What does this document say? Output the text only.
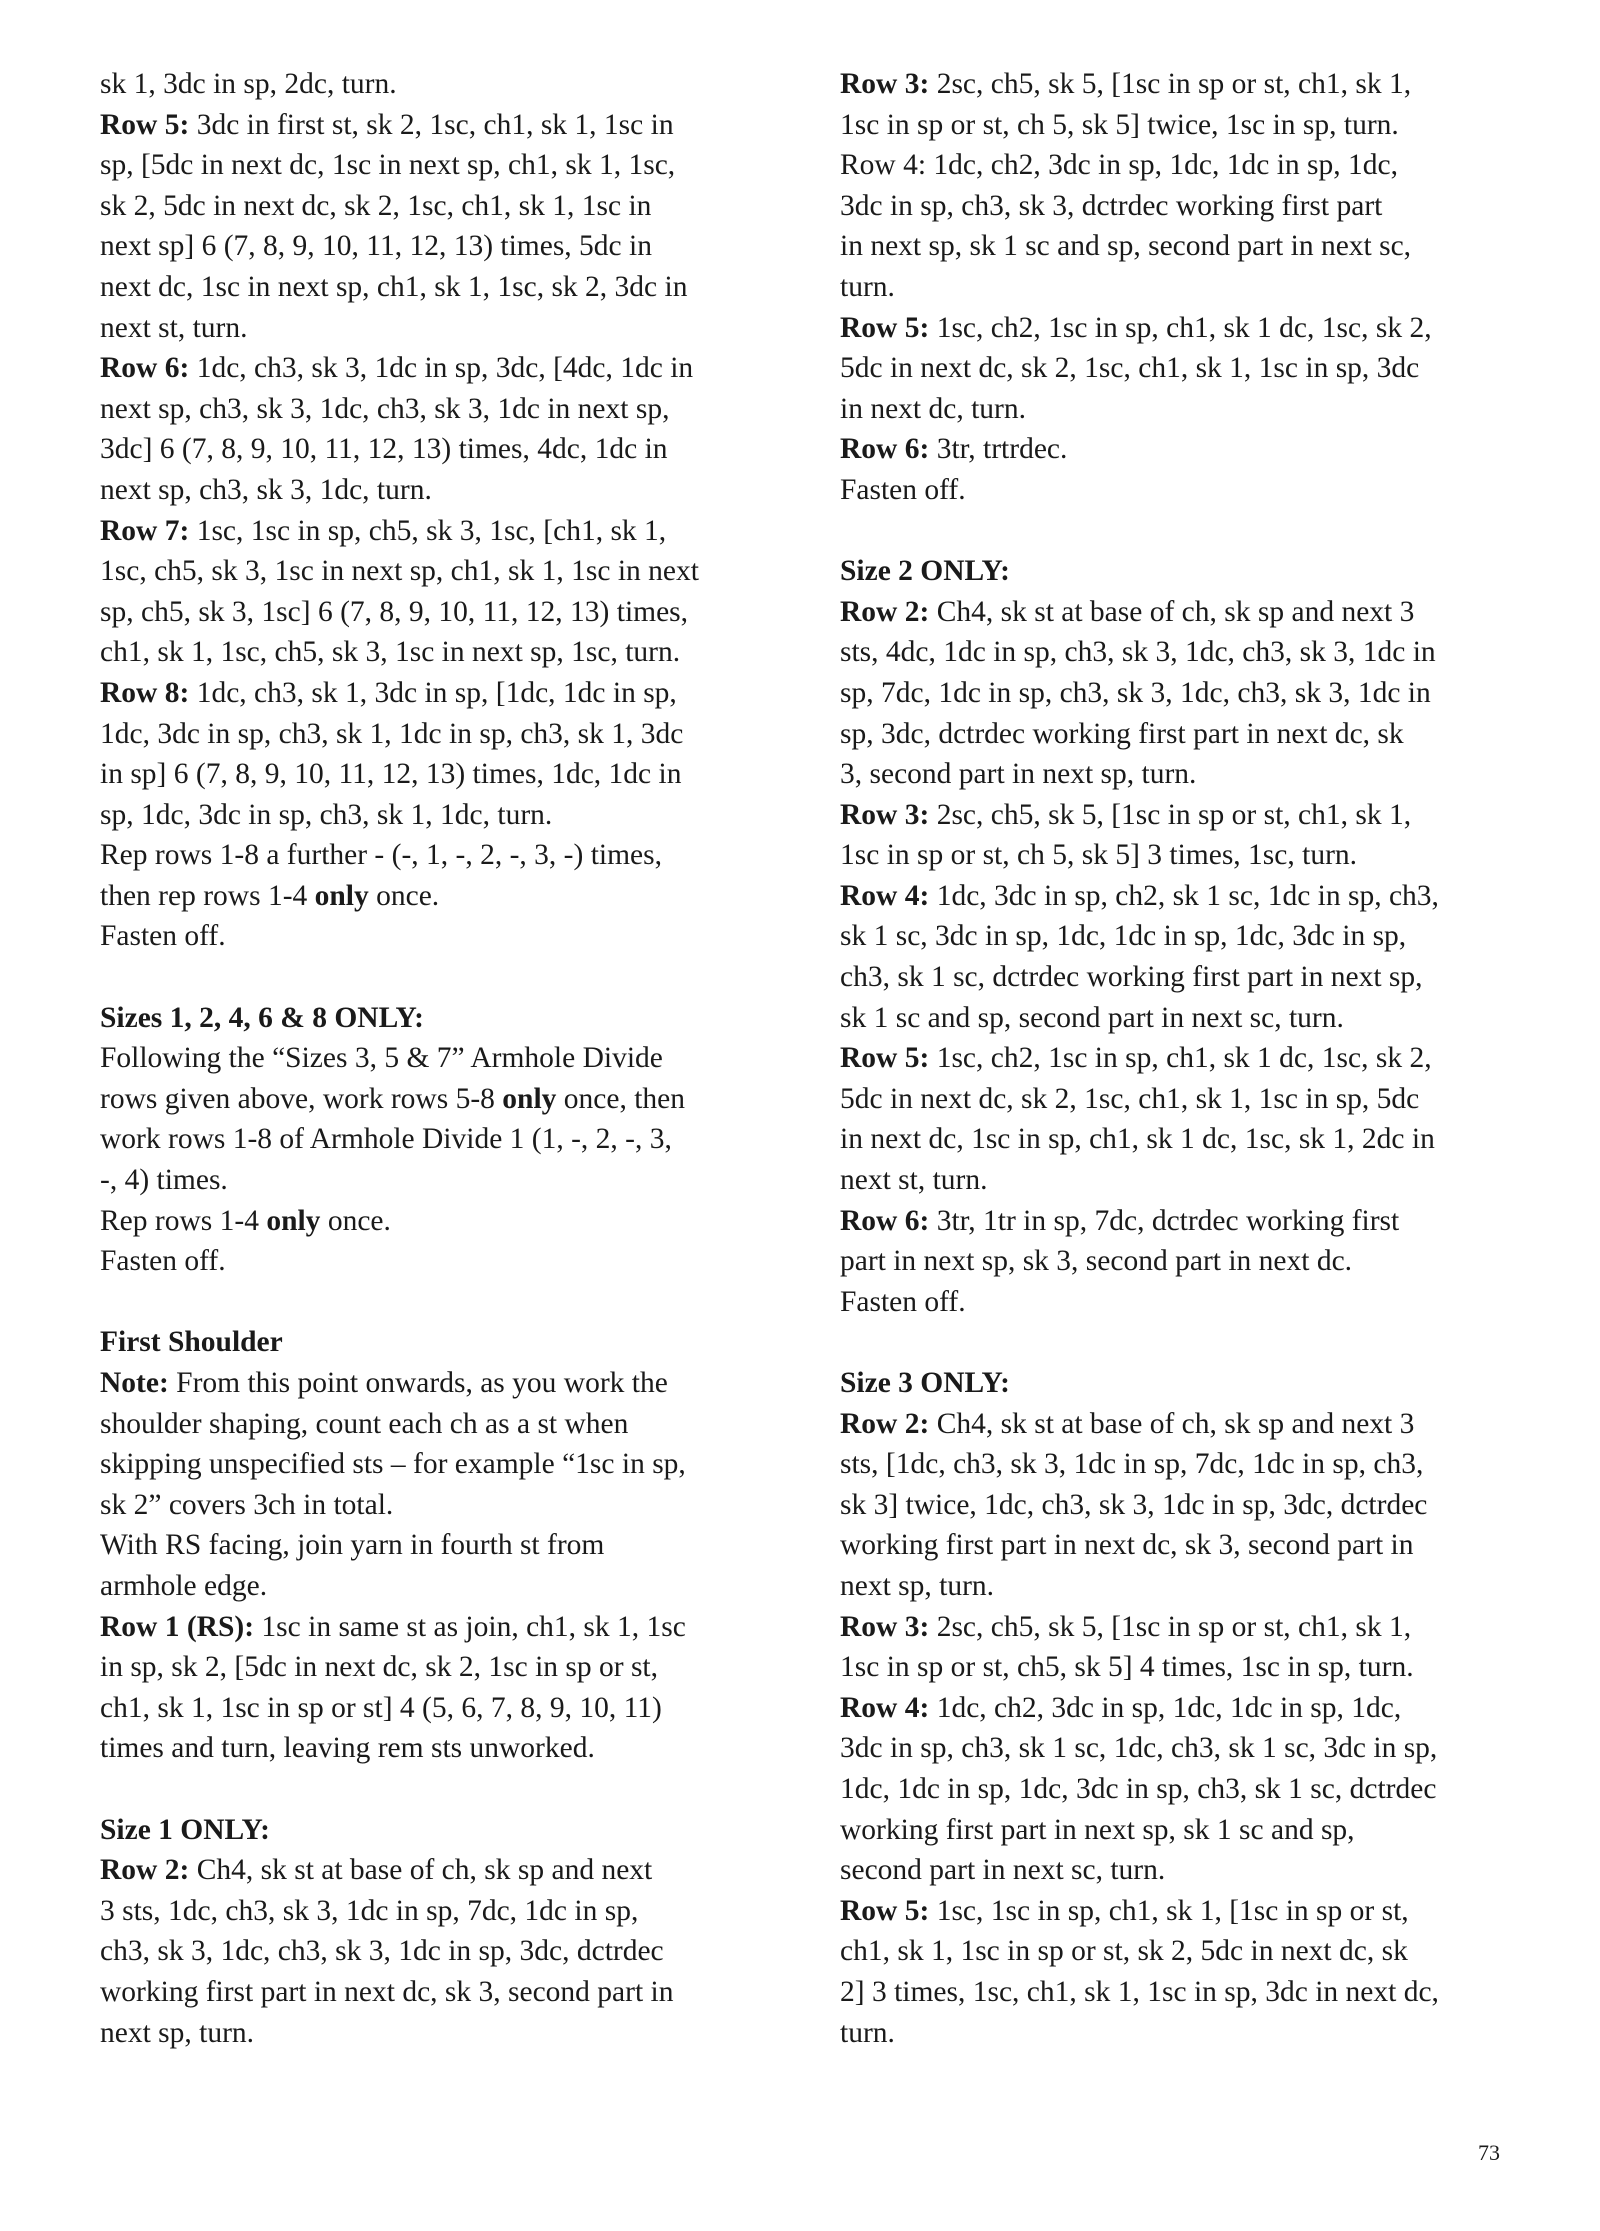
sk 1, 3dc in sp, 2dc, turn.
Row 5: 3dc in first st, sk 2, 1sc, ch1, sk 1, 1sc in
sp, [5dc in next dc, 1sc in next sp, ch1, sk 1, 1sc,
sk 2, 5dc in next dc, sk 2, 1sc, ch1, sk 1, 1sc in
next sp] 6 (7, 8, 9, 10, 11, 12, 13) times, 5dc in
next dc, 1sc in next sp, ch1, sk 1, 1sc, sk 2, 3dc in
next st, turn.
Row 6: 1dc, ch3, sk 3, 1dc in sp, 3dc, [4dc, 1dc in
next sp, ch3, sk 3, 1dc, ch3, sk 3, 1dc in next sp,
3dc] 6 (7, 8, 9, 10, 11, 12, 13) times, 4dc, 1dc in
next sp, ch3, sk 3, 1dc, turn.
Row 7: 1sc, 1sc in sp, ch5, sk 3, 1sc, [ch1, sk 1,
1sc, ch5, sk 3, 1sc in next sp, ch1, sk 1, 1sc in next
sp, ch5, sk 3, 1sc] 6 (7, 8, 9, 10, 11, 12, 13) times,
ch1, sk 1, 1sc, ch5, sk 3, 1sc in next sp, 1sc, turn.
Row 8: 1dc, ch3, sk 1, 3dc in sp, [1dc, 1dc in sp,
1dc, 3dc in sp, ch3, sk 1, 1dc in sp, ch3, sk 1, 3dc
in sp] 6 (7, 8, 9, 10, 11, 12, 13) times, 1dc, 1dc in
sp, 1dc, 3dc in sp, ch3, sk 1, 1dc, turn.
Rep rows 1-8 a further - (-, 1, -, 2, -, 3, -) times,
then rep rows 1-4 only once.
Fasten off.
Sizes 1, 2, 4, 6 & 8 ONLY:
Following the “Sizes 3, 5 & 7” Armhole Divide
rows given above, work rows 5-8 only once, then
work rows 1-8 of Armhole Divide 1 (1, -, 2, -, 3,
-, 4) times.
Rep rows 1-4 only once.
Fasten off.
First Shoulder
Note: From this point onwards, as you work the
shoulder shaping, count each ch as a st when
skipping unspecified sts – for example “1sc in sp,
sk 2” covers 3ch in total.
With RS facing, join yarn in fourth st from
armhole edge.
Row 1 (RS): 1sc in same st as join, ch1, sk 1, 1sc
in sp, sk 2, [5dc in next dc, sk 2, 1sc in sp or st,
ch1, sk 1, 1sc in sp or st] 4 (5, 6, 7, 8, 9, 10, 11)
times and turn, leaving rem sts unworked.
Size 1 ONLY:
Row 2: Ch4, sk st at base of ch, sk sp and next
3 sts, 1dc, ch3, sk 3, 1dc in sp, 7dc, 1dc in sp,
ch3, sk 3, 1dc, ch3, sk 3, 1dc in sp, 3dc, dctrdec
working first part in next dc, sk 3, second part in
next sp, turn.
Row 3: 2sc, ch5, sk 5, [1sc in sp or st, ch1, sk 1,
1sc in sp or st, ch 5, sk 5] twice, 1sc in sp, turn.
Row 4: 1dc, ch2, 3dc in sp, 1dc, 1dc in sp, 1dc,
3dc in sp, ch3, sk 3, dctrdec working first part
in next sp, sk 1 sc and sp, second part in next sc,
turn.
Row 5: 1sc, ch2, 1sc in sp, ch1, sk 1 dc, 1sc, sk 2,
5dc in next dc, sk 2, 1sc, ch1, sk 1, 1sc in sp, 3dc
in next dc, turn.
Row 6: 3tr, trtrdec.
Fasten off.
Size 2 ONLY:
Row 2: Ch4, sk st at base of ch, sk sp and next 3
sts, 4dc, 1dc in sp, ch3, sk 3, 1dc, ch3, sk 3, 1dc in
sp, 7dc, 1dc in sp, ch3, sk 3, 1dc, ch3, sk 3, 1dc in
sp, 3dc, dctrdec working first part in next dc, sk
3, second part in next sp, turn.
Row 3: 2sc, ch5, sk 5, [1sc in sp or st, ch1, sk 1,
1sc in sp or st, ch 5, sk 5] 3 times, 1sc, turn.
Row 4: 1dc, 3dc in sp, ch2, sk 1 sc, 1dc in sp, ch3,
sk 1 sc, 3dc in sp, 1dc, 1dc in sp, 1dc, 3dc in sp,
ch3, sk 1 sc, dctrdec working first part in next sp,
sk 1 sc and sp, second part in next sc, turn.
Row 5: 1sc, ch2, 1sc in sp, ch1, sk 1 dc, 1sc, sk 2,
5dc in next dc, sk 2, 1sc, ch1, sk 1, 1sc in sp, 5dc
in next dc, 1sc in sp, ch1, sk 1 dc, 1sc, sk 1, 2dc in
next st, turn.
Row 6: 3tr, 1tr in sp, 7dc, dctrdec working first
part in next sp, sk 3, second part in next dc.
Fasten off.
Size 3 ONLY:
Row 2: Ch4, sk st at base of ch, sk sp and next 3
sts, [1dc, ch3, sk 3, 1dc in sp, 7dc, 1dc in sp, ch3,
sk 3] twice, 1dc, ch3, sk 3, 1dc in sp, 3dc, dctrdec
working first part in next dc, sk 3, second part in
next sp, turn.
Row 3: 2sc, ch5, sk 5, [1sc in sp or st, ch1, sk 1,
1sc in sp or st, ch5, sk 5] 4 times, 1sc in sp, turn.
Row 4: 1dc, ch2, 3dc in sp, 1dc, 1dc in sp, 1dc,
3dc in sp, ch3, sk 1 sc, 1dc, ch3, sk 1 sc, 3dc in sp,
1dc, 1dc in sp, 1dc, 3dc in sp, ch3, sk 1 sc, dctrdec
working first part in next sp, sk 1 sc and sp,
second part in next sc, turn.
Row 5: 1sc, 1sc in sp, ch1, sk 1, [1sc in sp or st,
ch1, sk 1, 1sc in sp or st, sk 2, 5dc in next dc, sk
2] 3 times, 1sc, ch1, sk 1, 1sc in sp, 3dc in next dc,
turn.
73
